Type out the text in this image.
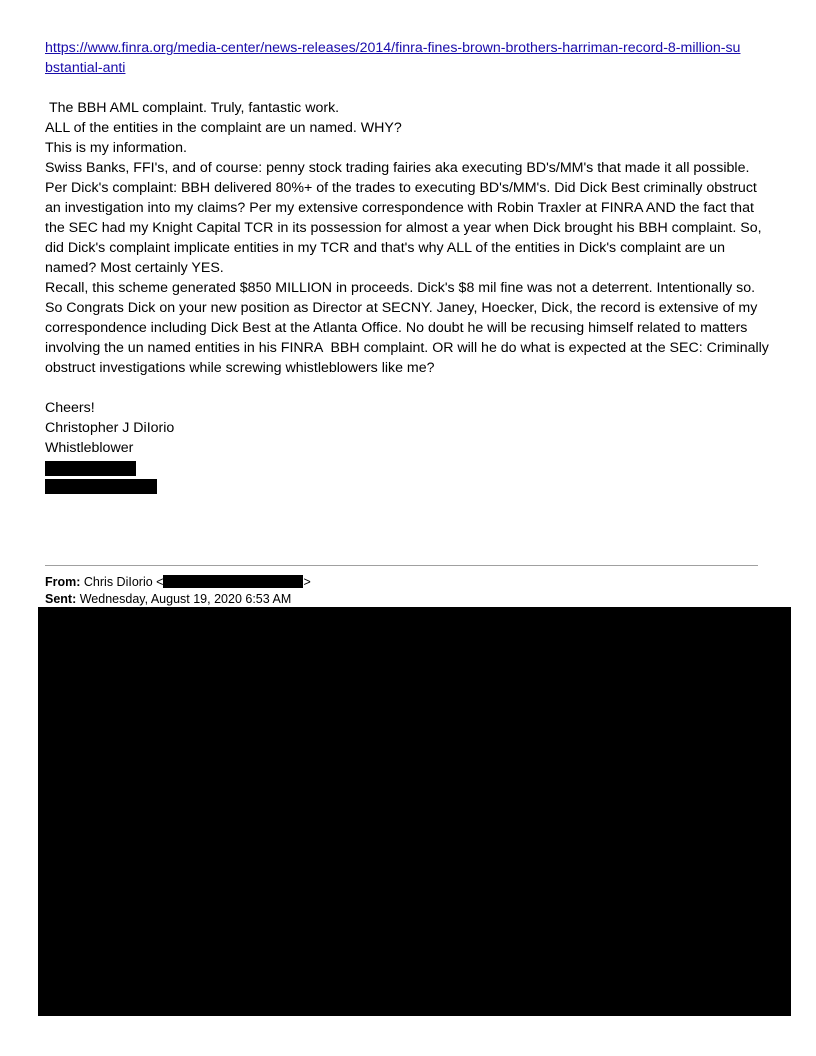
https://www.finra.org/media-center/news-releases/2014/finra-fines-brown-brothers-harriman-record-8-million-substantial-anti

The BBH AML complaint. Truly, fantastic work.

ALL of the entities in the complaint are un named. WHY?

This is my information.

Swiss Banks, FFI's, and of course: penny stock trading fairies aka executing BD's/MM's that made it all possible. Per Dick's complaint: BBH delivered 80%+ of the trades to executing BD's/MM's. Did Dick Best criminally obstruct an investigation into my claims? Per my extensive correspondence with Robin Traxler at FINRA AND the fact that the SEC had my Knight Capital TCR in its possession for almost a year when Dick brought his BBH complaint. So, did Dick's complaint implicate entities in my TCR and that's why ALL of the entities in Dick's complaint are un named? Most certainly YES.

Recall, this scheme generated $850 MILLION in proceeds. Dick's $8 mil fine was not a deterrent. Intentionally so.

So Congrats Dick on your new position as Director at SECNY. Janey, Hoecker, Dick, the record is extensive of my correspondence including Dick Best at the Atlanta Office. No doubt he will be recusing himself related to matters involving the un named entities in his FINRA  BBH complaint. OR will he do what is expected at the SEC: Criminally obstruct investigations while screwing whistleblowers like me?

Cheers!
Christopher J DiIorio
Whistleblower
From: Chris DiIorio <	>
Sent: Wednesday, August 19, 2020 6:53 AM
